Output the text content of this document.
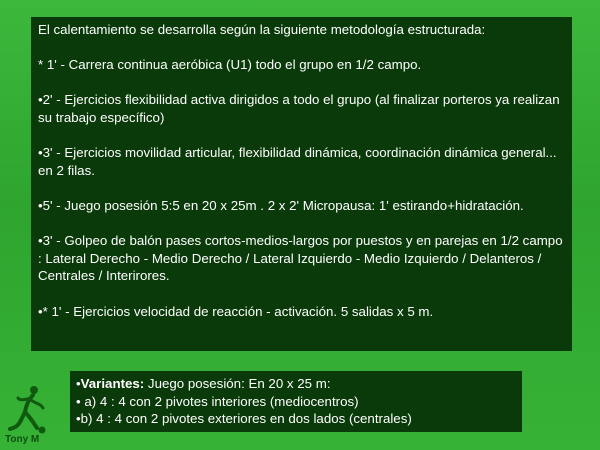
El calentamiento se desarrolla según la siguiente metodología estructurada:

* 1' - Carrera continua aeróbica (U1) todo el grupo en 1/2 campo.

•2' - Ejercicios flexibilidad activa dirigidos a todo el grupo (al finalizar porteros ya realizan su trabajo específico)

•3' - Ejercicios movilidad articular, flexibilidad dinámica, coordinación dinámica general... en 2 filas.

•5' - Juego posesión 5:5 en 20 x 25m . 2 x 2' Micropausa: 1' estirando+hidratación.

•3' - Golpeo de balón pases cortos-medios-largos por puestos y en parejas en 1/2 campo : Lateral Derecho - Medio Derecho / Lateral Izquierdo - Medio Izquierdo / Delanteros / Centrales / Interirores.

•* 1' - Ejercicios velocidad de reacción - activación. 5 salidas x 5 m.

•Variantes: Juego posesión: En 20 x 25 m:

• a) 4 : 4 con 2 pivotes interiores (mediocentros)

•b) 4 : 4 con 2 pivotes exteriores en dos lados (centrales)

Tony M
